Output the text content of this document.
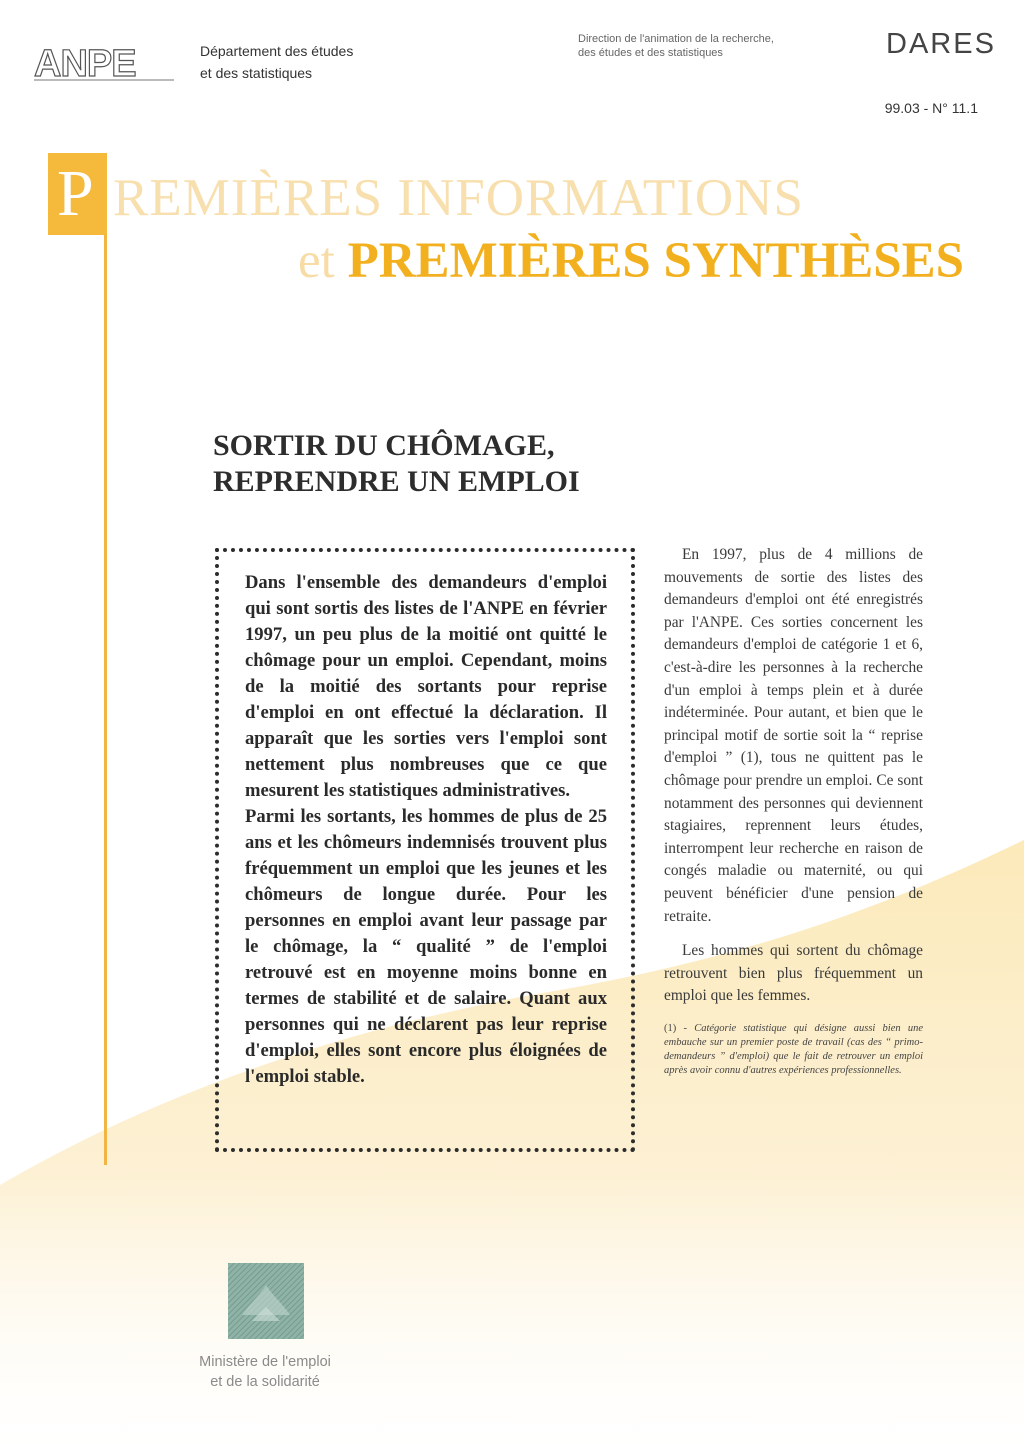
ANPE	Département des études
et des statistiques
Direction de l'animation de la recherche,
des études et des statistiques	DARES
99.03 - N° 11.1
P REMIÈRES INFORMATIONS
et PREMIÈRES SYNTHÈSES
SORTIR DU CHÔMAGE,
REPRENDRE UN EMPLOI

Dans l'ensemble des demandeurs d'emploi qui sont sortis des listes de l'ANPE en février 1997, un peu plus de la moitié ont quitté le chômage pour un emploi. Cependant, moins de la moitié des sortants pour reprise d'emploi en ont effectué la déclaration. Il apparaît que les sorties vers l'emploi sont nettement plus nombreuses que ce que mesurent les statistiques administratives.

Parmi les sortants, les hommes de plus de 25 ans et les chômeurs indemnisés trouvent plus fréquemment un emploi que les jeunes et les chômeurs de longue durée. Pour les personnes en emploi avant leur passage par le chômage, la “ qualité ” de l'emploi retrouvé est en moyenne moins bonne en termes de stabilité et de salaire. Quant aux personnes qui ne déclarent pas leur reprise d'emploi, elles sont encore plus éloignées de l'emploi stable.

En 1997, plus de 4 millions de mouvements de sortie des listes des demandeurs d'emploi ont été enregistrés par l'ANPE. Ces sorties concernent les demandeurs d'emploi de catégorie 1 et 6, c'est-à-dire les personnes à la recherche d'un emploi à temps plein et à durée indéterminée. Pour autant, et bien que le principal motif de sortie soit la “ reprise d'emploi ” (1), tous ne quittent pas le chômage pour prendre un emploi. Ce sont notamment des personnes qui deviennent stagiaires, reprennent leurs études, interrompent leur recherche en raison de congés maladie ou maternité, ou qui peuvent bénéficier d'une pension de retraite.

Les hommes qui sortent du chômage retrouvent bien plus fréquemment un emploi que les femmes.

(1) - Catégorie statistique qui désigne aussi bien une embauche sur un premier poste de travail (cas des “ primo-demandeurs ” d'emploi) que le fait de retrouver un emploi après avoir connu d'autres expériences professionnelles.
Ministère de l'emploi
et de la solidarité
